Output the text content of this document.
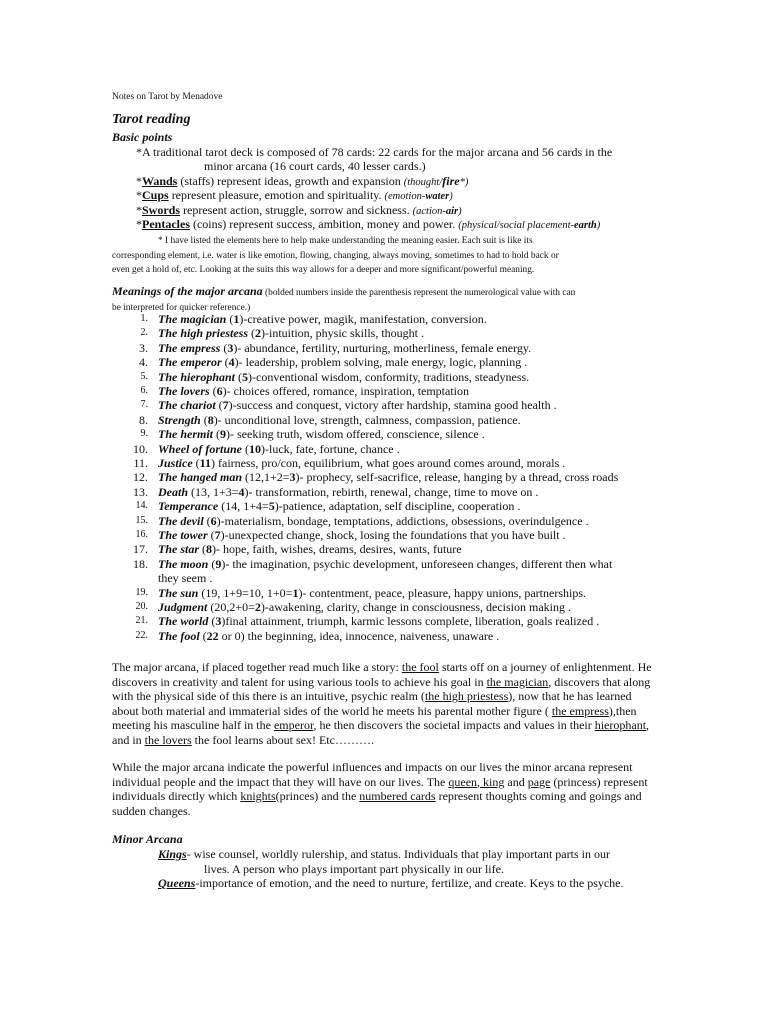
Notes on Tarot by Menadove
Tarot reading
Basic points
*A traditional tarot deck is composed of 78 cards: 22 cards for the major arcana and 56 cards in the
minor arcana (16 court cards, 40 lesser cards.)
*Wands (staffs) represent ideas, growth and expansion (thought/fire*)
*Cups represent pleasure, emotion and spirituality. (emotion-water)
*Swords represent action, struggle, sorrow and sickness. (action-air)
*Pentacles (coins) represent success, ambition, money and power. (physical/social placement-earth)
* I have listed the elements here to help make understanding the meaning easier. Each suit is like its
corresponding element, i.e. water is like emotion, flowing, changing, always moving, sometimes to had to hold back or
even get a hold of, etc. Looking at the suits this way allows for a deeper and more significant/powerful meaning.
Meanings of the major arcana (bolded numbers inside the parenthesis represent the numerological value with can
be interpreted for quicker reference.)
1. The magician (1)-creative power, magik, manifestation, conversion.
2. The high priestess (2)-intuition, physic skills, thought .
3. The empress (3)- abundance, fertility, nurturing, motherliness, female energy.
4. The emperor (4)- leadership, problem solving, male energy, logic, planning .
5. The hierophant (5)-conventional wisdom, conformity, traditions, steadyness.
6. The lovers (6)- choices offered, romance, inspiration, temptation
7. The chariot (7)-success and conquest, victory after hardship, stamina good health .
8. Strength (8)- unconditional love, strength, calmness, compassion, patience.
9. The hermit (9)- seeking truth, wisdom offered, conscience, silence .
10. Wheel of fortune (10)-luck, fate, fortune, chance .
11. Justice (11) fairness, pro/con, equilibrium, what goes around comes around, morals .
12. The hanged man (12,1+2=3)- prophecy, self-sacrifice, release, hanging by a thread, cross roads
13. Death (13, 1+3=4)- transformation, rebirth, renewal, change, time to move on .
14. Temperance (14, 1+4=5)-patience, adaptation, self discipline, cooperation .
15. The devil (6)-materialism, bondage, temptations, addictions, obsessions, overindulgence .
16. The tower (7)-unexpected change, shock, losing the foundations that you have built .
17. The star (8)- hope, faith, wishes, dreams, desires, wants, future
18. The moon (9)- the imagination, psychic development, unforeseen changes, different then what
they seem .
19. The sun (19, 1+9=10, 1+0=1)- contentment, peace, pleasure, happy unions, partnerships.
20. Judgment (20,2+0=2)-awakening, clarity, change in consciousness, decision making .
21. The world (3)final attainment, triumph, karmic lessons complete, liberation, goals realized .
22. The fool (22 or 0) the beginning, idea, innocence, naiveness, unaware .
The major arcana, if placed together read much like a story: the fool starts off on a journey of enlightenment. He discovers in creativity and talent for using various tools to achieve his goal in the magician, discovers that along with the physical side of this there is an intuitive, psychic realm (the high priestess), now that he has learned about both material and immaterial sides of the world he meets his parental mother figure ( the empress),then meeting his masculine half in the emperor, he then discovers the societal impacts and values in their hierophant, and in the lovers the fool learns about sex! Etc……….
While the major arcana indicate the powerful influences and impacts on our lives the minor arcana represent individual people and the impact that they will have on our lives. The queen, king and page (princess) represent individuals directly which knights(princes) and the numbered cards represent thoughts coming and goings and sudden changes.
Minor Arcana
Kings- wise counsel, worldly rulership, and status. Individuals that play important parts in our
lives. A person who plays important part physically in our life.
Queens-importance of emotion, and the need to nurture, fertilize, and create. Keys to the psyche.
